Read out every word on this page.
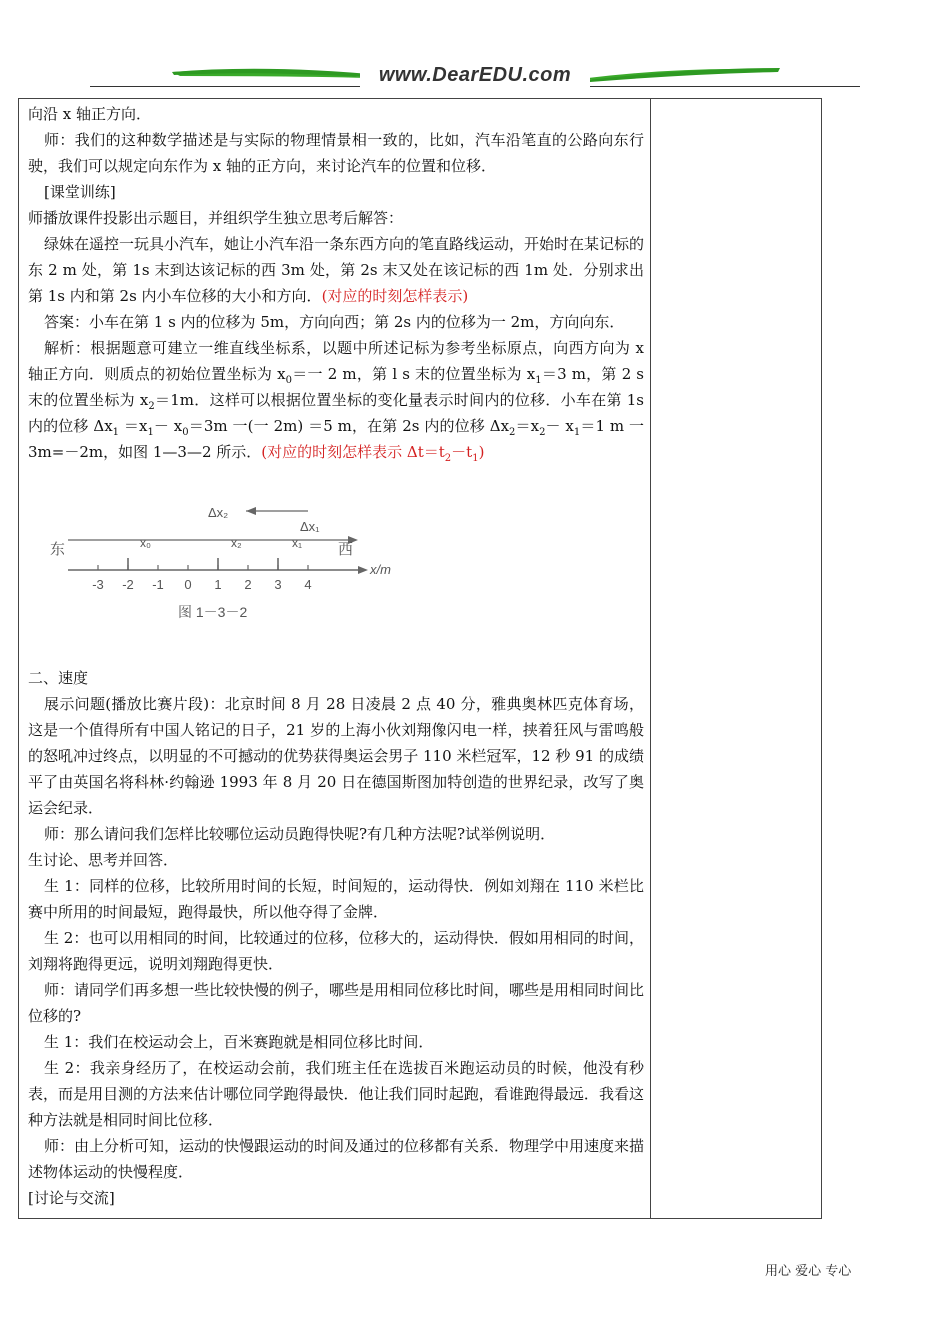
www.DearEDU.com

向沿 x 轴正方向．

师：我们的这种数学描述是与实际的物理情景相一致的，比如，汽车沿笔直的公路向东行驶，我们可以规定向东作为 x 轴的正方向，来讨论汽车的位置和位移．

[课堂训练]

师播放课件投影出示题目，并组织学生独立思考后解答：

绿妹在遥控一玩具小汽车，她让小汽车沿一条东西方向的笔直路线运动，开始时在某记标的东 2 m 处，第 1s 末到达该记标的西 3m 处，第 2s 末又处在该记标的西 1m 处．分别求出第 1s 内和第 2s 内小车位移的大小和方向．(对应的时刻怎样表示)

答案：小车在第 1 s 内的位移为 5m，方向向西；第 2s 内的位移为一 2m，方向向东．

解析：根据题意可建立一维直线坐标系，以题中所述记标为参考坐标原点，向西方向为 x 轴正方向．则质点的初始位置坐标为 $x_0=$一 2 m，第 l s 末的位置坐标为 $x_1=3$ m，第 2 s 末的位置坐标为 $x_2=1m$．这样可以根据位置坐标的变化量表示时间内的位移．小车在第 1s 内的位移 $\Delta x_1 =x_1- x_0=3m$ 一(一 2m) ＝5 m，在第 2s 内的位移 $\Delta x_2=x_2- x_1=1$ m 一 3m=－2m，如图 1—3—2 所示．(对应的时刻怎样表示 $\Delta t=t_2-t_1$)

Δx₂
Δx₁
东	西
x₀	x₂	x₁
x/m
-3 -2 -1 0 1 2 3 4
图 1－3－2

二、速度

展示问题(播放比赛片段)：北京时间 8 月 28 日凌晨 2 点 40 分，雅典奥林匹克体育场，这是一个值得所有中国人铭记的日子，21 岁的上海小伙刘翔像闪电一样，挟着狂风与雷鸣般的怒吼冲过终点，以明显的不可撼动的优势获得奥运会男子 110 米栏冠军，12 秒 91 的成绩平了由英国名将科林·约翰逊 1993 年 8 月 20 日在德国斯图加特创造的世界纪录，改写了奥运会纪录．

师：那么请问我们怎样比较哪位运动员跑得快呢?有几种方法呢?试举例说明．

生讨论、思考并回答．

生 1：同样的位移，比较所用时间的长短，时间短的，运动得快．例如刘翔在 110 米栏比赛中所用的时间最短，跑得最快，所以他夺得了金牌．

生 2：也可以用相同的时间，比较通过的位移，位移大的，运动得快．假如用相同的时间，刘翔将跑得更远，说明刘翔跑得更快．

师：请同学们再多想一些比较快慢的例子，哪些是用相同位移比时间，哪些是用相同时间比位移的?

生 1：我们在校运动会上，百米赛跑就是相同位移比时间．

生 2：我亲身经历了，在校运动会前，我们班主任在选拔百米跑运动员的时候，他没有秒表，而是用目测的方法来估计哪位同学跑得最快．他让我们同时起跑，看谁跑得最远．我看这种方法就是相同时间比位移．

师：由上分析可知，运动的快慢跟运动的时间及通过的位移都有关系．物理学中用速度来描述物体运动的快慢程度．

[讨论与交流]

用心 爱心 专心
